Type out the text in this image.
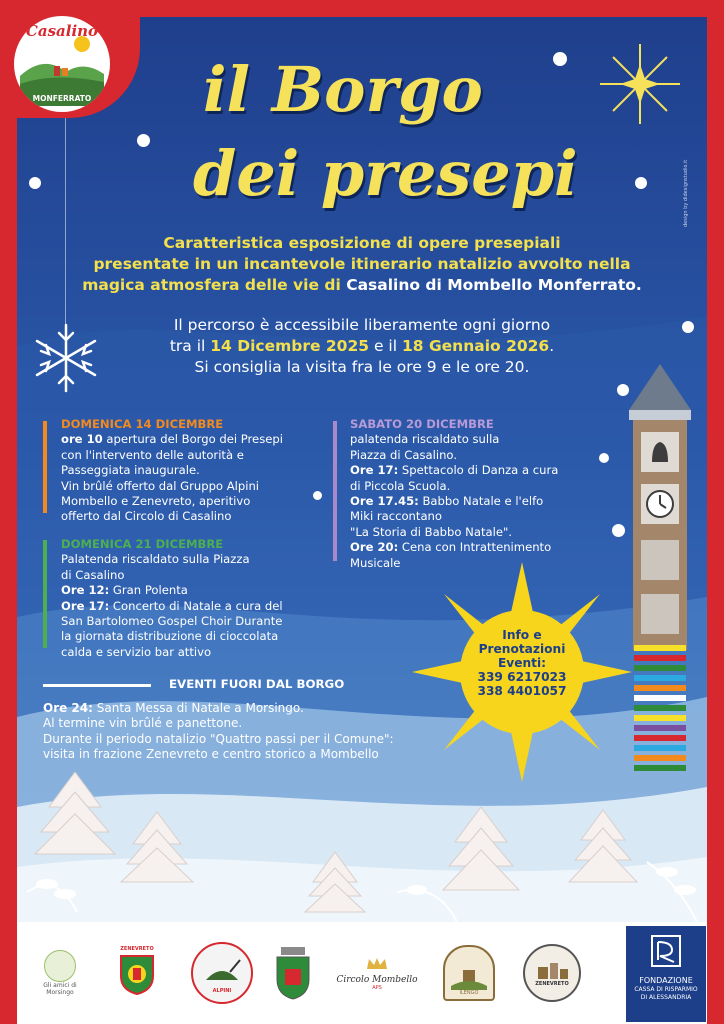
il Borgo
dei presepi	design by didesignstudio.it
Caratteristica esposizione di opere presepiali
presentate in un incantevole itinerario natalizio avvolto nella
magica atmosfera delle vie di Casalino di Mombello Monferrato.
Il percorso è accessibile liberamente ogni giorno
tra il 14 Dicembre 2025 e il 18 Gennaio 2026.
Si consiglia la visita fra le ore 9 e le ore 20.
DOMENICA 14 DICEMBRE
ore 10 apertura del Borgo dei Presepi
con l'intervento delle autorità e
Passeggiata inaugurale.
Vin brûlé offerto dal Gruppo Alpini
Mombello e Zenevreto, aperitivo
offerto dal Circolo di Casalino
DOMENICA 21 DICEMBRE
Palatenda riscaldato sulla Piazza
di Casalino
Ore 12: Gran Polenta
Ore 17: Concerto di Natale a cura del
San Bartolomeo Gospel Choir Durante
la giornata distribuzione di cioccolata
calda e servizio bar attivo
SABATO 20 DICEMBRE
palatenda riscaldato sulla
Piazza di Casalino.
Ore 17: Spettacolo di Danza a cura
di Piccola Scuola.
Ore 17.45: Babbo Natale e l'elfo
Miki raccontano
"La Storia di Babbo Natale".
Ore 20: Cena con Intrattenimento
Musicale
Info e
Prenotazioni
Eventi:
339 6217023
338 4401057
EVENTI FUORI DAL BORGO
Ore 24: Santa Messa di Natale a Morsingo.
Al termine vin brûlé e panettone.
Durante il periodo natalizio "Quattro passi per il Comune":
visita in frazione Zenevreto e centro storico a Mombello
Casalino
MONFERRATO
Gli amici di Morsingo
ZENEVRETO
ALPINI
Circolo Mombello
APS
ILENGO
ZENEVRETO	FONDAZIONE
CASSA DI RISPARMIO
DI ALESSANDRIA
